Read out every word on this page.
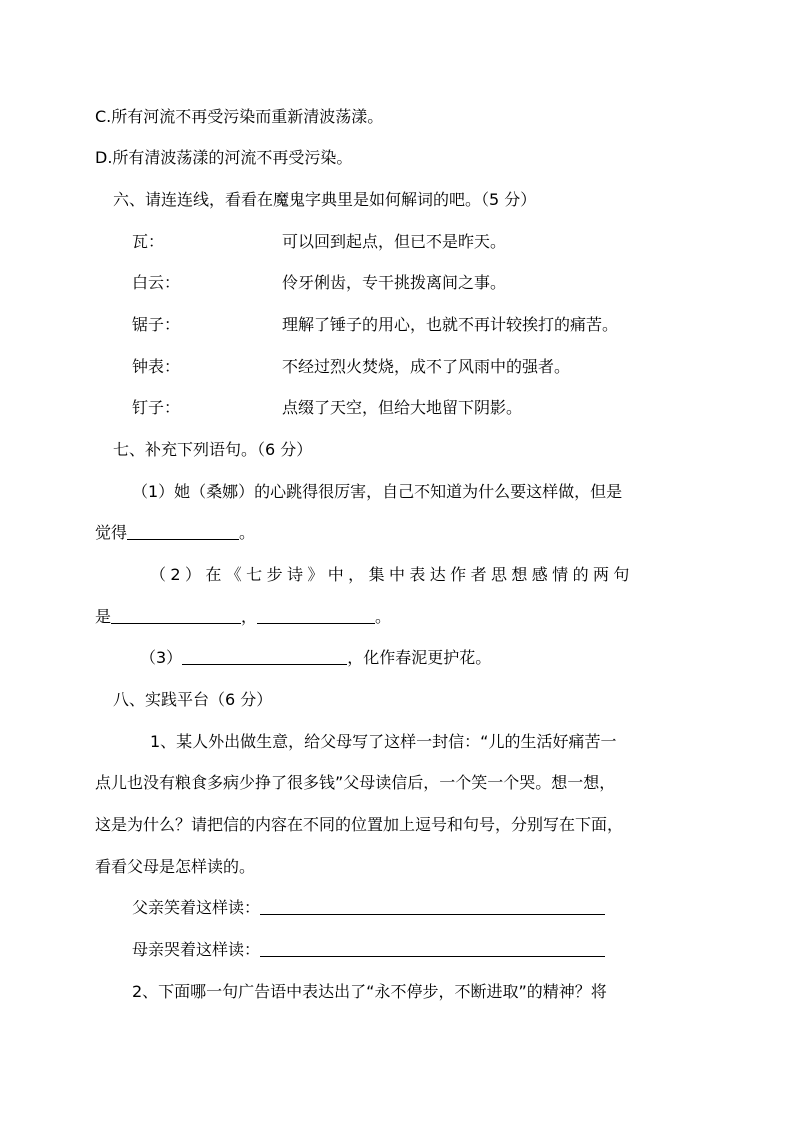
C.所有河流不再受污染而重新清波荡漾。
D.所有清波荡漾的河流不再受污染。
六、请连连线，看看在魔鬼字典里是如何解词的吧。（5 分）
瓦：	可以回到起点，但已不是昨天。
白云：	伶牙俐齿，专干挑拨离间之事。
锯子：	理解了锤子的用心，也就不再计较挨打的痛苦。
钟表：	不经过烈火焚烧，成不了风雨中的强者。
钉子：	点缀了天空，但给大地留下阴影。
七、补充下列语句。（6 分）
（1）她（桑娜）的心跳得很厉害，自己不知道为什么要这样做，但是
觉得	。
（2）在《七步诗》中，集中表达作者思想感情的两句
是	，	。
（3）	，化作春泥更护花。
八、实践平台（6 分）
1、某人外出做生意，给父母写了这样一封信：“儿的生活好痛苦一
点儿也没有粮食多病少挣了很多钱”父母读信后，一个笑一个哭。想一想，
这是为什么？请把信的内容在不同的位置加上逗号和句号，分别写在下面，
看看父母是怎样读的。
父亲笑着这样读：
母亲哭着这样读：
2、下面哪一句广告语中表达出了“永不停步，不断进取”的精神？将
